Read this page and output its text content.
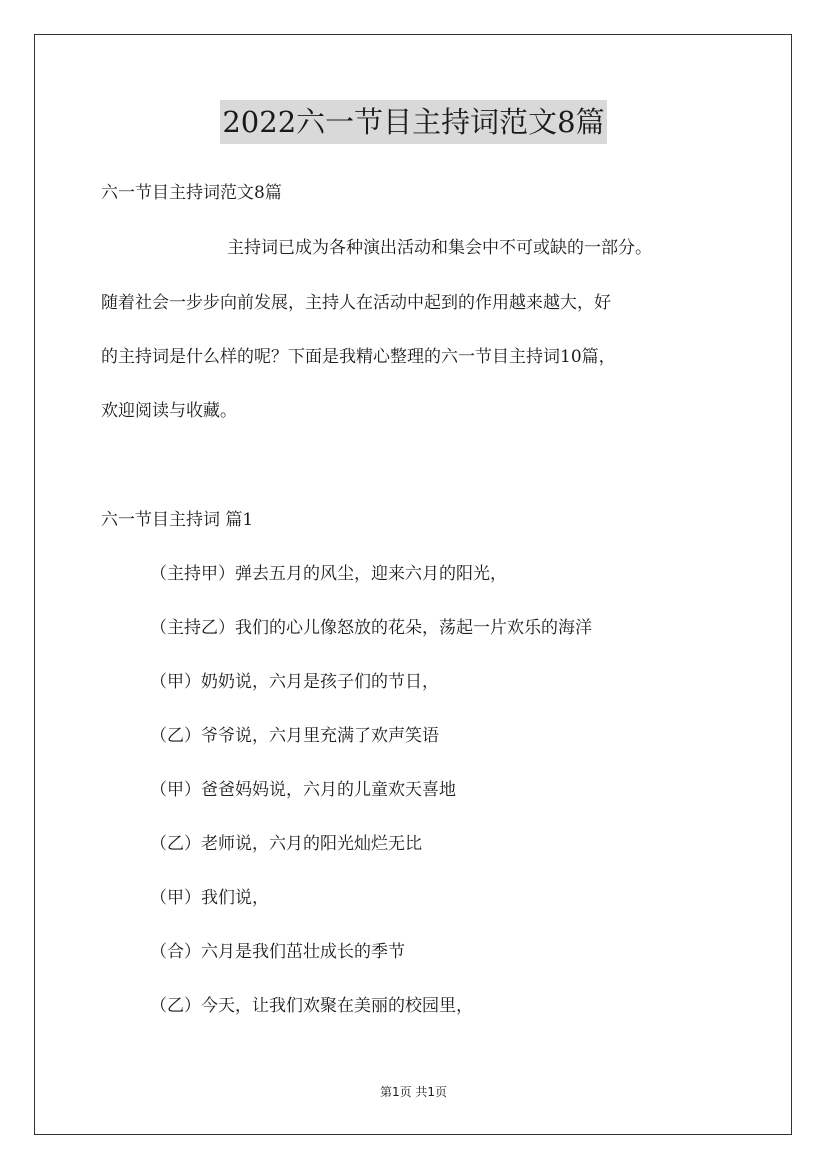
2022六一节目主持词范文8篇

六一节目主持词范文8篇

主持词已成为各种演出活动和集会中不可或缺的一部分。

随着社会一步步向前发展，主持人在活动中起到的作用越来越大，好

的主持词是什么样的呢？下面是我精心整理的六一节目主持词10篇，

欢迎阅读与收藏。

六一节目主持词 篇1

（主持甲）弹去五月的风尘，迎来六月的阳光，

（主持乙）我们的心儿像怒放的花朵，荡起一片欢乐的海洋

（甲）奶奶说，六月是孩子们的节日，

（乙）爷爷说，六月里充满了欢声笑语

（甲）爸爸妈妈说，六月的儿童欢天喜地

（乙）老师说，六月的阳光灿烂无比

（甲）我们说，

（合）六月是我们茁壮成长的季节

（乙）今天，让我们欢聚在美丽的校园里，

第1页 共1页
